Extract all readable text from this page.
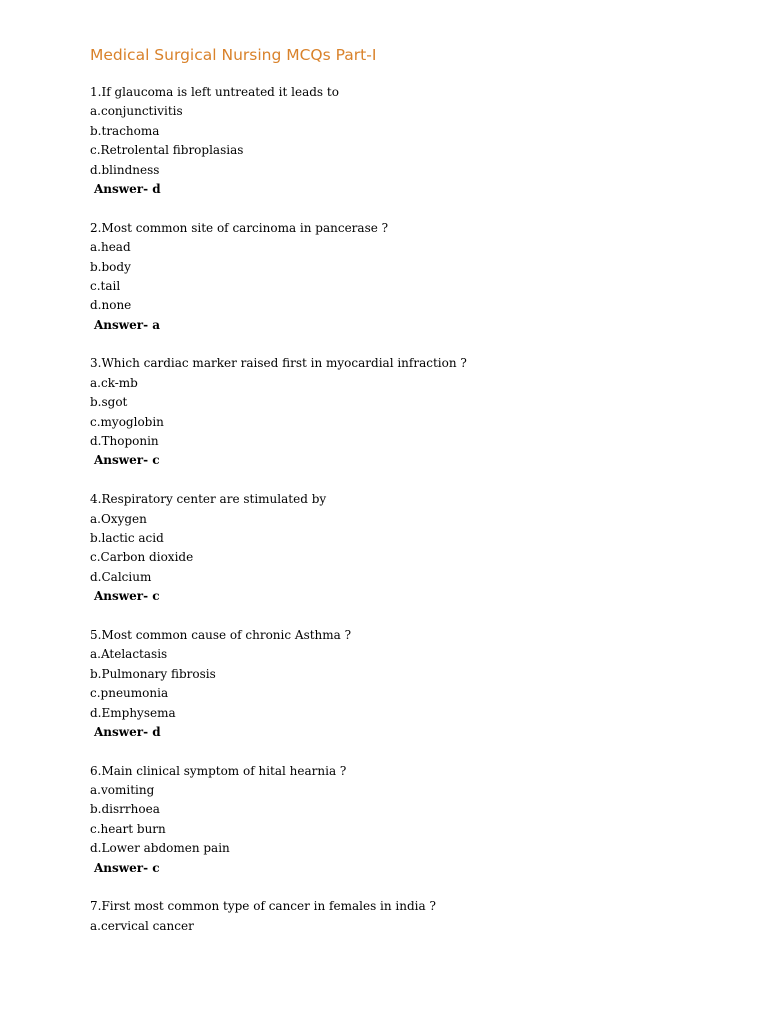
Medical Surgical Nursing MCQs Part-I
1.If glaucoma is left untreated it leads to
a.conjunctivitis
b.trachoma
c.Retrolental fibroplasias
d.blindness
Answer- d
2.Most common site of carcinoma in pancerase ?
a.head
b.body
c.tail
d.none
Answer- a
3.Which cardiac marker raised first in myocardial infraction ?
a.ck-mb
b.sgot
c.myoglobin
d.Thoponin
Answer- c
4.Respiratory center are stimulated by
a.Oxygen
b.lactic acid
c.Carbon dioxide
d.Calcium
Answer- c
5.Most common cause of chronic Asthma ?
a.Atelactasis
b.Pulmonary fibrosis
c.pneumonia
d.Emphysema
Answer- d
6.Main clinical symptom of hital hearnia ?
a.vomiting
b.disrrhoea
c.heart burn
d.Lower abdomen pain
Answer- c
7.First most common type of cancer in females in india ?
a.cervical cancer
